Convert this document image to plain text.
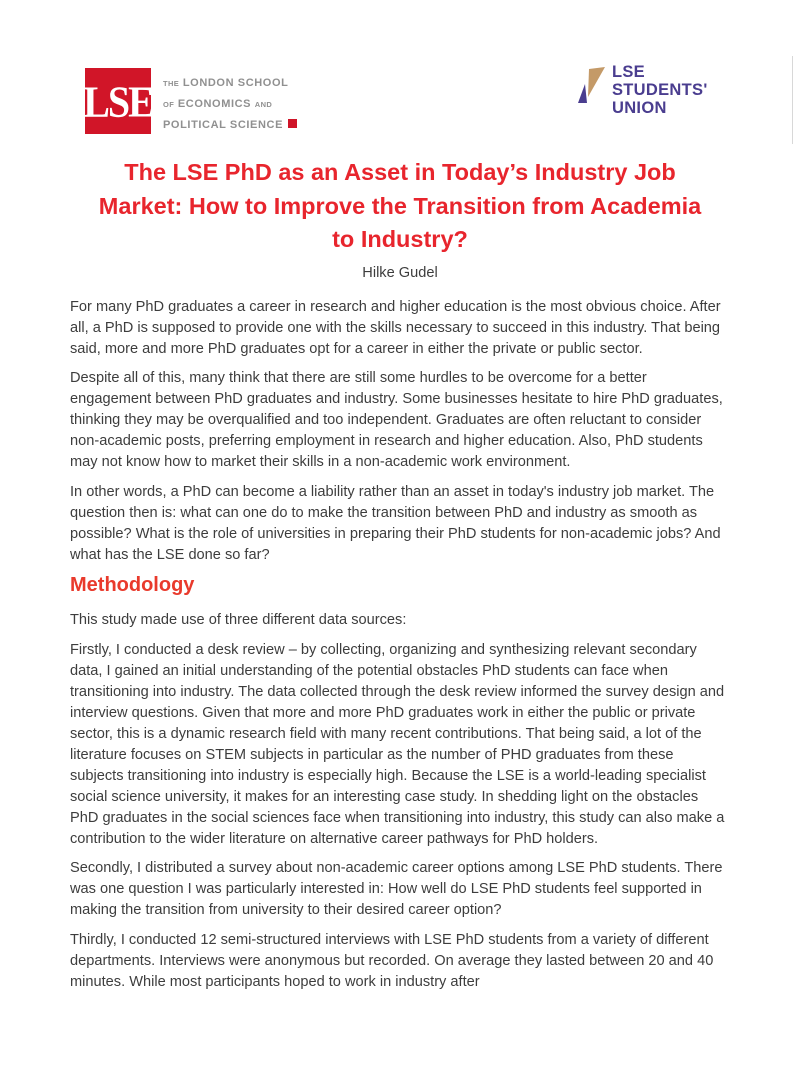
LSE THE LONDON SCHOOL
OF ECONOMICS AND
POLITICAL SCIENCE
LSE
STUDENTS'
UNION
The LSE PhD as an Asset in Today’s Industry Job
Market: How to Improve the Transition from Academia
to Industry?
Hilke Gudel

For many PhD graduates a career in research and higher education is the most obvious choice. After all, a PhD is supposed to provide one with the skills necessary to succeed in this industry. That being said, more and more PhD graduates opt for a career in either the private or public sector.

Despite all of this, many think that there are still some hurdles to be overcome for a better engagement between PhD graduates and industry. Some businesses hesitate to hire PhD graduates, thinking they may be overqualified and too independent. Graduates are often reluctant to consider non-academic posts, preferring employment in research and higher education. Also, PhD students may not know how to market their skills in a non-academic work environment.

In other words, a PhD can become a liability rather than an asset in today's industry job market. The question then is: what can one do to make the transition between PhD and industry as smooth as possible? What is the role of universities in preparing their PhD students for non-academic jobs? And what has the LSE done so far?

Methodology

This study made use of three different data sources:

Firstly, I conducted a desk review – by collecting, organizing and synthesizing relevant secondary data, I gained an initial understanding of the potential obstacles PhD students can face when transitioning into industry. The data collected through the desk review informed the survey design and interview questions. Given that more and more PhD graduates work in either the public or private sector, this is a dynamic research field with many recent contributions. That being said, a lot of the literature focuses on STEM subjects in particular as the number of PHD graduates from these subjects transitioning into industry is especially high. Because the LSE is a world-leading specialist social science university, it makes for an interesting case study. In shedding light on the obstacles PhD graduates in the social sciences face when transitioning into industry, this study can also make a contribution to the wider literature on alternative career pathways for PhD holders.

Secondly, I distributed a survey about non-academic career options among LSE PhD students. There was one question I was particularly interested in: How well do LSE PhD students feel supported in making the transition from university to their desired career option?

Thirdly, I conducted 12 semi-structured interviews with LSE PhD students from a variety of different departments. Interviews were anonymous but recorded. On average they lasted between 20 and 40 minutes. While most participants hoped to work in industry after
